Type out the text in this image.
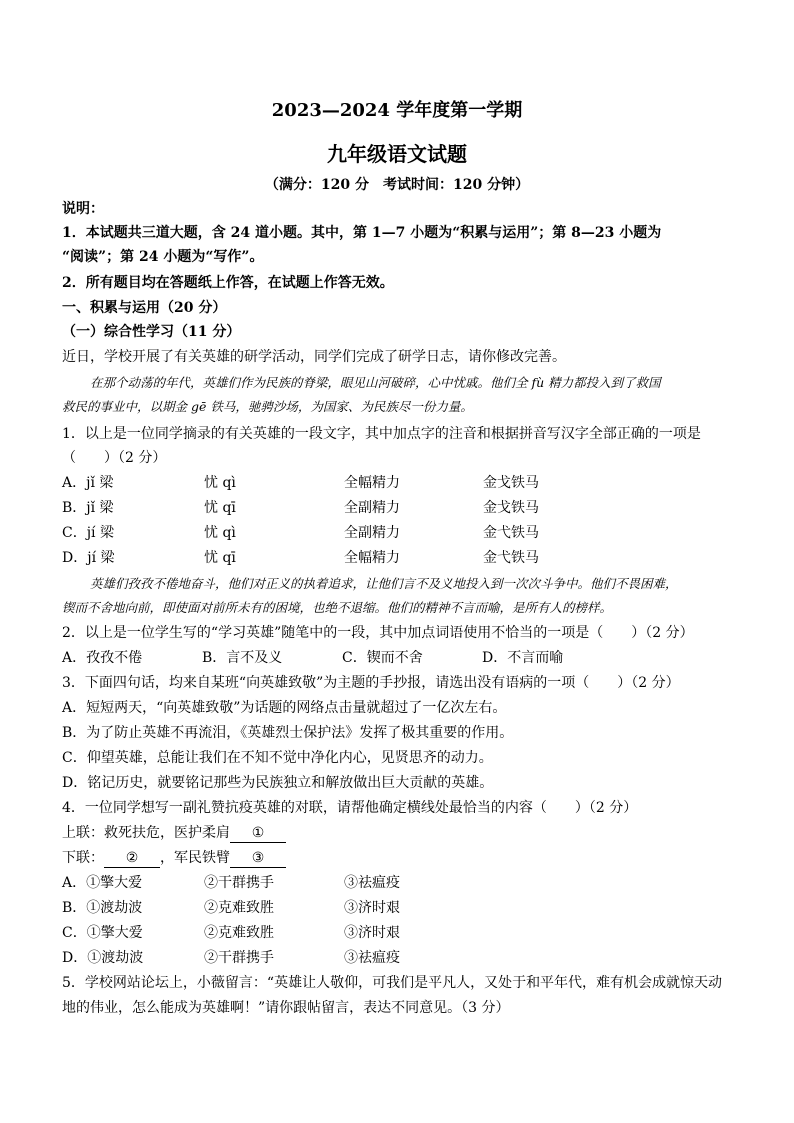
2023—2024 学年度第一学期
九年级语文试题
（满分：120 分　考试时间：120 分钟）
说明：
1．本试题共三道大题，含 24 道小题。其中，第 1—7 小题为“积累与运用”；第 8—23 小题为
“阅读”；第 24 小题为“写作”。
2．所有题目均在答题纸上作答，在试题上作答无效。
一、积累与运用（20 分）
（一）综合性学习（11 分）
近日，学校开展了有关英雄的研学活动，同学们完成了研学日志，请你修改完善。
在那个动荡的年代，英雄们作为民族的脊梁，眼见山河破碎，心中忧戚。他们全 fù 精力都投入到了救国
救民的事业中，以期金 gē 铁马，驰骋沙场，为国家、为民族尽一份力量。
1．以上是一位同学摘录的有关英雄的一段文字，其中加点字的注音和根据拼音写汉字全部正确的一项是
（　　）（2 分）
A．jǐ 梁	忧 qì	全幅精力	金戈铁马
B．jǐ 梁	忧 qī	全副精力	金戈铁马
C．jí 梁	忧 qì	全副精力	金弋铁马
D．jí 梁	忧 qī	全幅精力	金弋铁马
英雄们孜孜不倦地奋斗，他们对正义的执着追求，让他们言不及义地投入到一次次斗争中。他们不畏困难，
锲而不舍地向前，即使面对前所未有的困境，也绝不退缩。他们的精神不言而喻，是所有人的榜样。
2．以上是一位学生写的“学习英雄”随笔中的一段，其中加点词语使用不恰当的一项是（　　）（2 分）
A．孜孜不倦	B．言不及义	C．锲而不舍	D．不言而喻
3．下面四句话，均来自某班“向英雄致敬”为主题的手抄报，请选出没有语病的一项（　　）（2 分）
A．短短两天，“向英雄致敬”为话题的网络点击量就超过了一亿次左右。
B．为了防止英雄不再流泪，《英雄烈士保护法》发挥了极其重要的作用。
C．仰望英雄，总能让我们在不知不觉中净化内心，见贤思齐的动力。
D．铭记历史，就要铭记那些为民族独立和解放做出巨大贡献的英雄。
4．一位同学想写一副礼赞抗疫英雄的对联，请帮他确定横线处最恰当的内容（　　）（2 分）
上联：救死扶危，医护柔肩 ①
下联： ② ，军民铁臂 ③
A．①擎大爱	②干群携手	③祛瘟疫
B．①渡劫波	②克难致胜	③济时艰
C．①擎大爱	②克难致胜	③济时艰
D．①渡劫波	②干群携手	③祛瘟疫
5．学校网站论坛上，小薇留言：“英雄让人敬仰，可我们是平凡人，又处于和平年代，难有机会成就惊天动
地的伟业，怎么能成为英雄啊！”请你跟帖留言，表达不同意见。（3 分）
